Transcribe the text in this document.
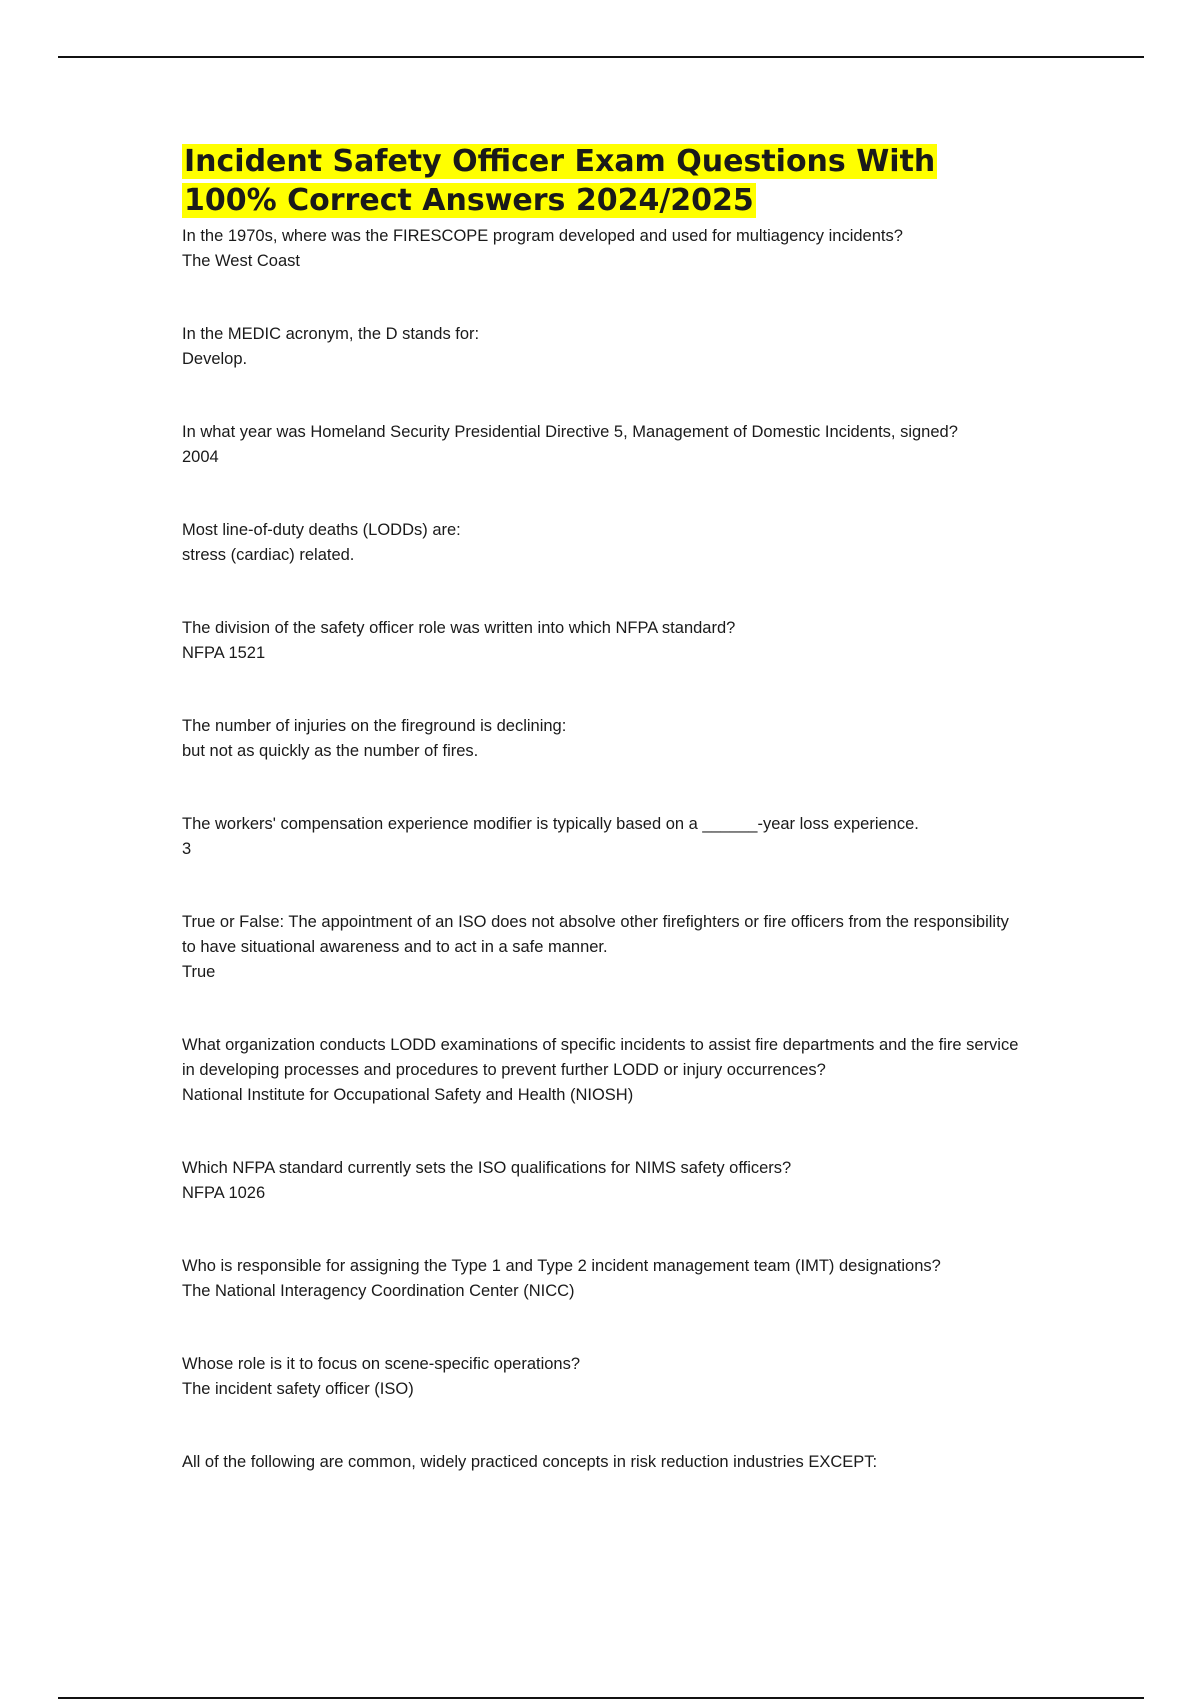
Incident Safety Officer Exam Questions With 100% Correct Answers 2024/2025
In the 1970s, where was the FIRESCOPE program developed and used for multiagency incidents?
The West Coast
In the MEDIC acronym, the D stands for:
Develop.
In what year was Homeland Security Presidential Directive 5, Management of Domestic Incidents, signed?
2004
Most line-of-duty deaths (LODDs) are:
stress (cardiac) related.
The division of the safety officer role was written into which NFPA standard?
NFPA 1521
The number of injuries on the fireground is declining:
but not as quickly as the number of fires.
The workers' compensation experience modifier is typically based on a ______-year loss experience.
3
True or False: The appointment of an ISO does not absolve other firefighters or fire officers from the responsibility to have situational awareness and to act in a safe manner.
True
What organization conducts LODD examinations of specific incidents to assist fire departments and the fire service in developing processes and procedures to prevent further LODD or injury occurrences?
National Institute for Occupational Safety and Health (NIOSH)
Which NFPA standard currently sets the ISO qualifications for NIMS safety officers?
NFPA 1026
Who is responsible for assigning the Type 1 and Type 2 incident management team (IMT) designations?
The National Interagency Coordination Center (NICC)
Whose role is it to focus on scene-specific operations?
The incident safety officer (ISO)
All of the following are common, widely practiced concepts in risk reduction industries EXCEPT:
